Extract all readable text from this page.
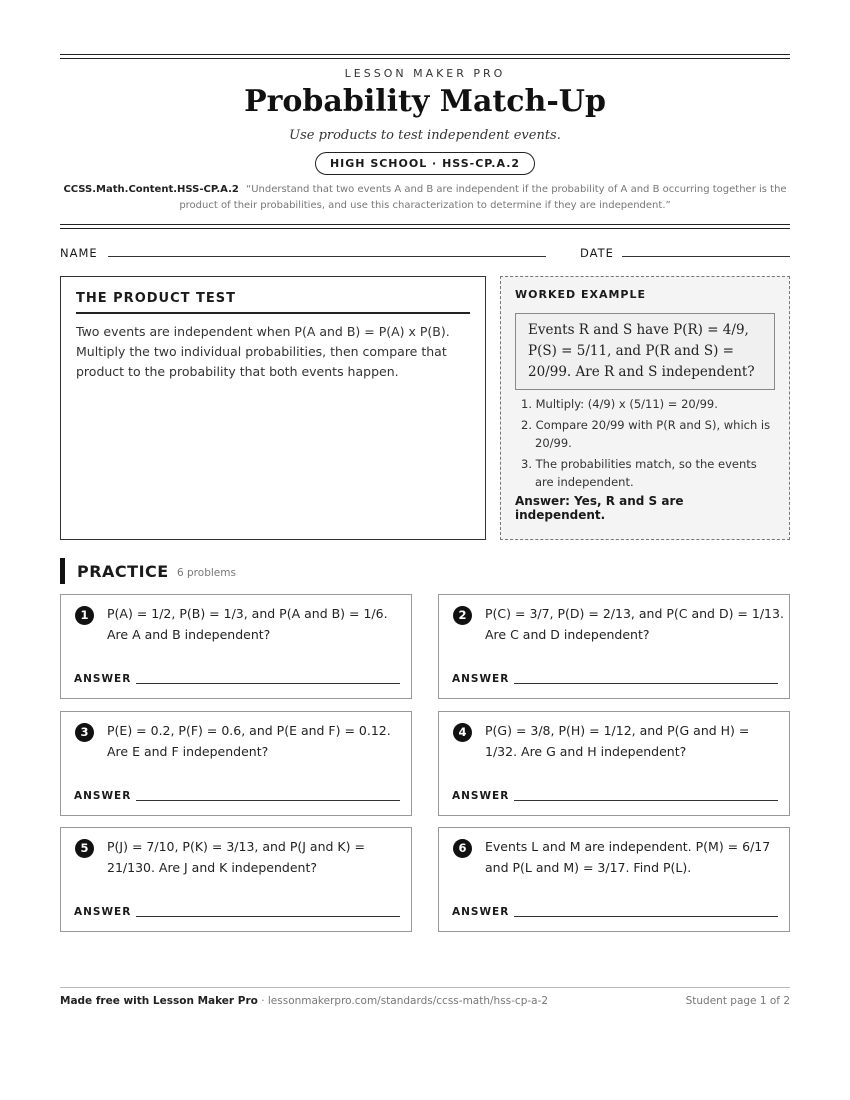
LESSON MAKER PRO
Probability Match-Up
Use products to test independent events.
HIGH SCHOOL · HSS-CP.A.2
CCSS.Math.Content.HSS-CP.A.2 “Understand that two events A and B are independent if the probability of A and B occurring together is the product of their probabilities, and use this characterization to determine if they are independent.”
NAME	DATE
THE PRODUCT TEST
Two events are independent when P(A and B) = P(A) x P(B). Multiply the two individual probabilities, then compare that product to the probability that both events happen.
WORKED EXAMPLE
Events R and S have P(R) = 4/9, P(S) = 5/11, and P(R and S) = 20/99. Are R and S independent?
1. Multiply: (4/9) x (5/11) = 20/99.
2. Compare 20/99 with P(R and S), which is 20/99.
3. The probabilities match, so the events are independent.
Answer: Yes, R and S are independent.
PRACTICE 6 problems
1	P(A) = 1/2, P(B) = 1/3, and P(A and B) = 1/6. Are A and B independent?
ANSWER
2	P(C) = 3/7, P(D) = 2/13, and P(C and D) = 1/13. Are C and D independent?
ANSWER
3	P(E) = 0.2, P(F) = 0.6, and P(E and F) = 0.12. Are E and F independent?
ANSWER
4	P(G) = 3/8, P(H) = 1/12, and P(G and H) = 1/32. Are G and H independent?
ANSWER
5	P(J) = 7/10, P(K) = 3/13, and P(J and K) = 21/130. Are J and K independent?
ANSWER
6	Events L and M are independent. P(M) = 6/17 and P(L and M) = 3/17. Find P(L).
ANSWER
Made free with Lesson Maker Pro · lessonmakerpro.com/standards/ccss-math/hss-cp-a-2	Student page 1 of 2
